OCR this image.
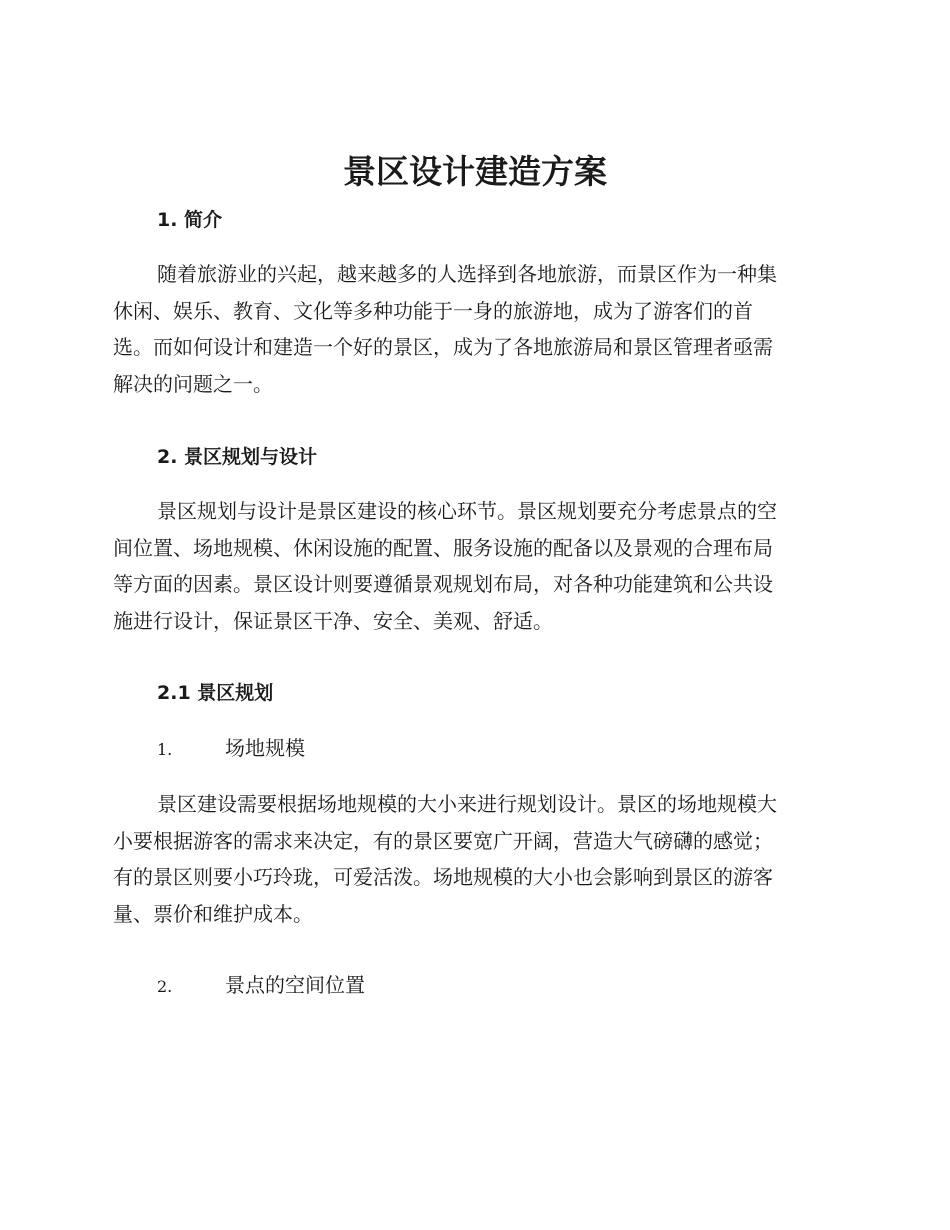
景区设计建造方案
1. 简介

随着旅游业的兴起，越来越多的人选择到各地旅游，而景区作为一种集
休闲、娱乐、教育、文化等多种功能于一身的旅游地，成为了游客们的首
选。而如何设计和建造一个好的景区，成为了各地旅游局和景区管理者亟需
解决的问题之一。

2. 景区规划与设计

景区规划与设计是景区建设的核心环节。景区规划要充分考虑景点的空
间位置、场地规模、休闲设施的配置、服务设施的配备以及景观的合理布局
等方面的因素。景区设计则要遵循景观规划布局，对各种功能建筑和公共设
施进行设计，保证景区干净、安全、美观、舒适。

2.1 景区规划
1.	场地规模

景区建设需要根据场地规模的大小来进行规划设计。景区的场地规模大
小要根据游客的需求来决定，有的景区要宽广开阔，营造大气磅礴的感觉；
有的景区则要小巧玲珑，可爱活泼。场地规模的大小也会影响到景区的游客
量、票价和维护成本。

2.	景点的空间位置
